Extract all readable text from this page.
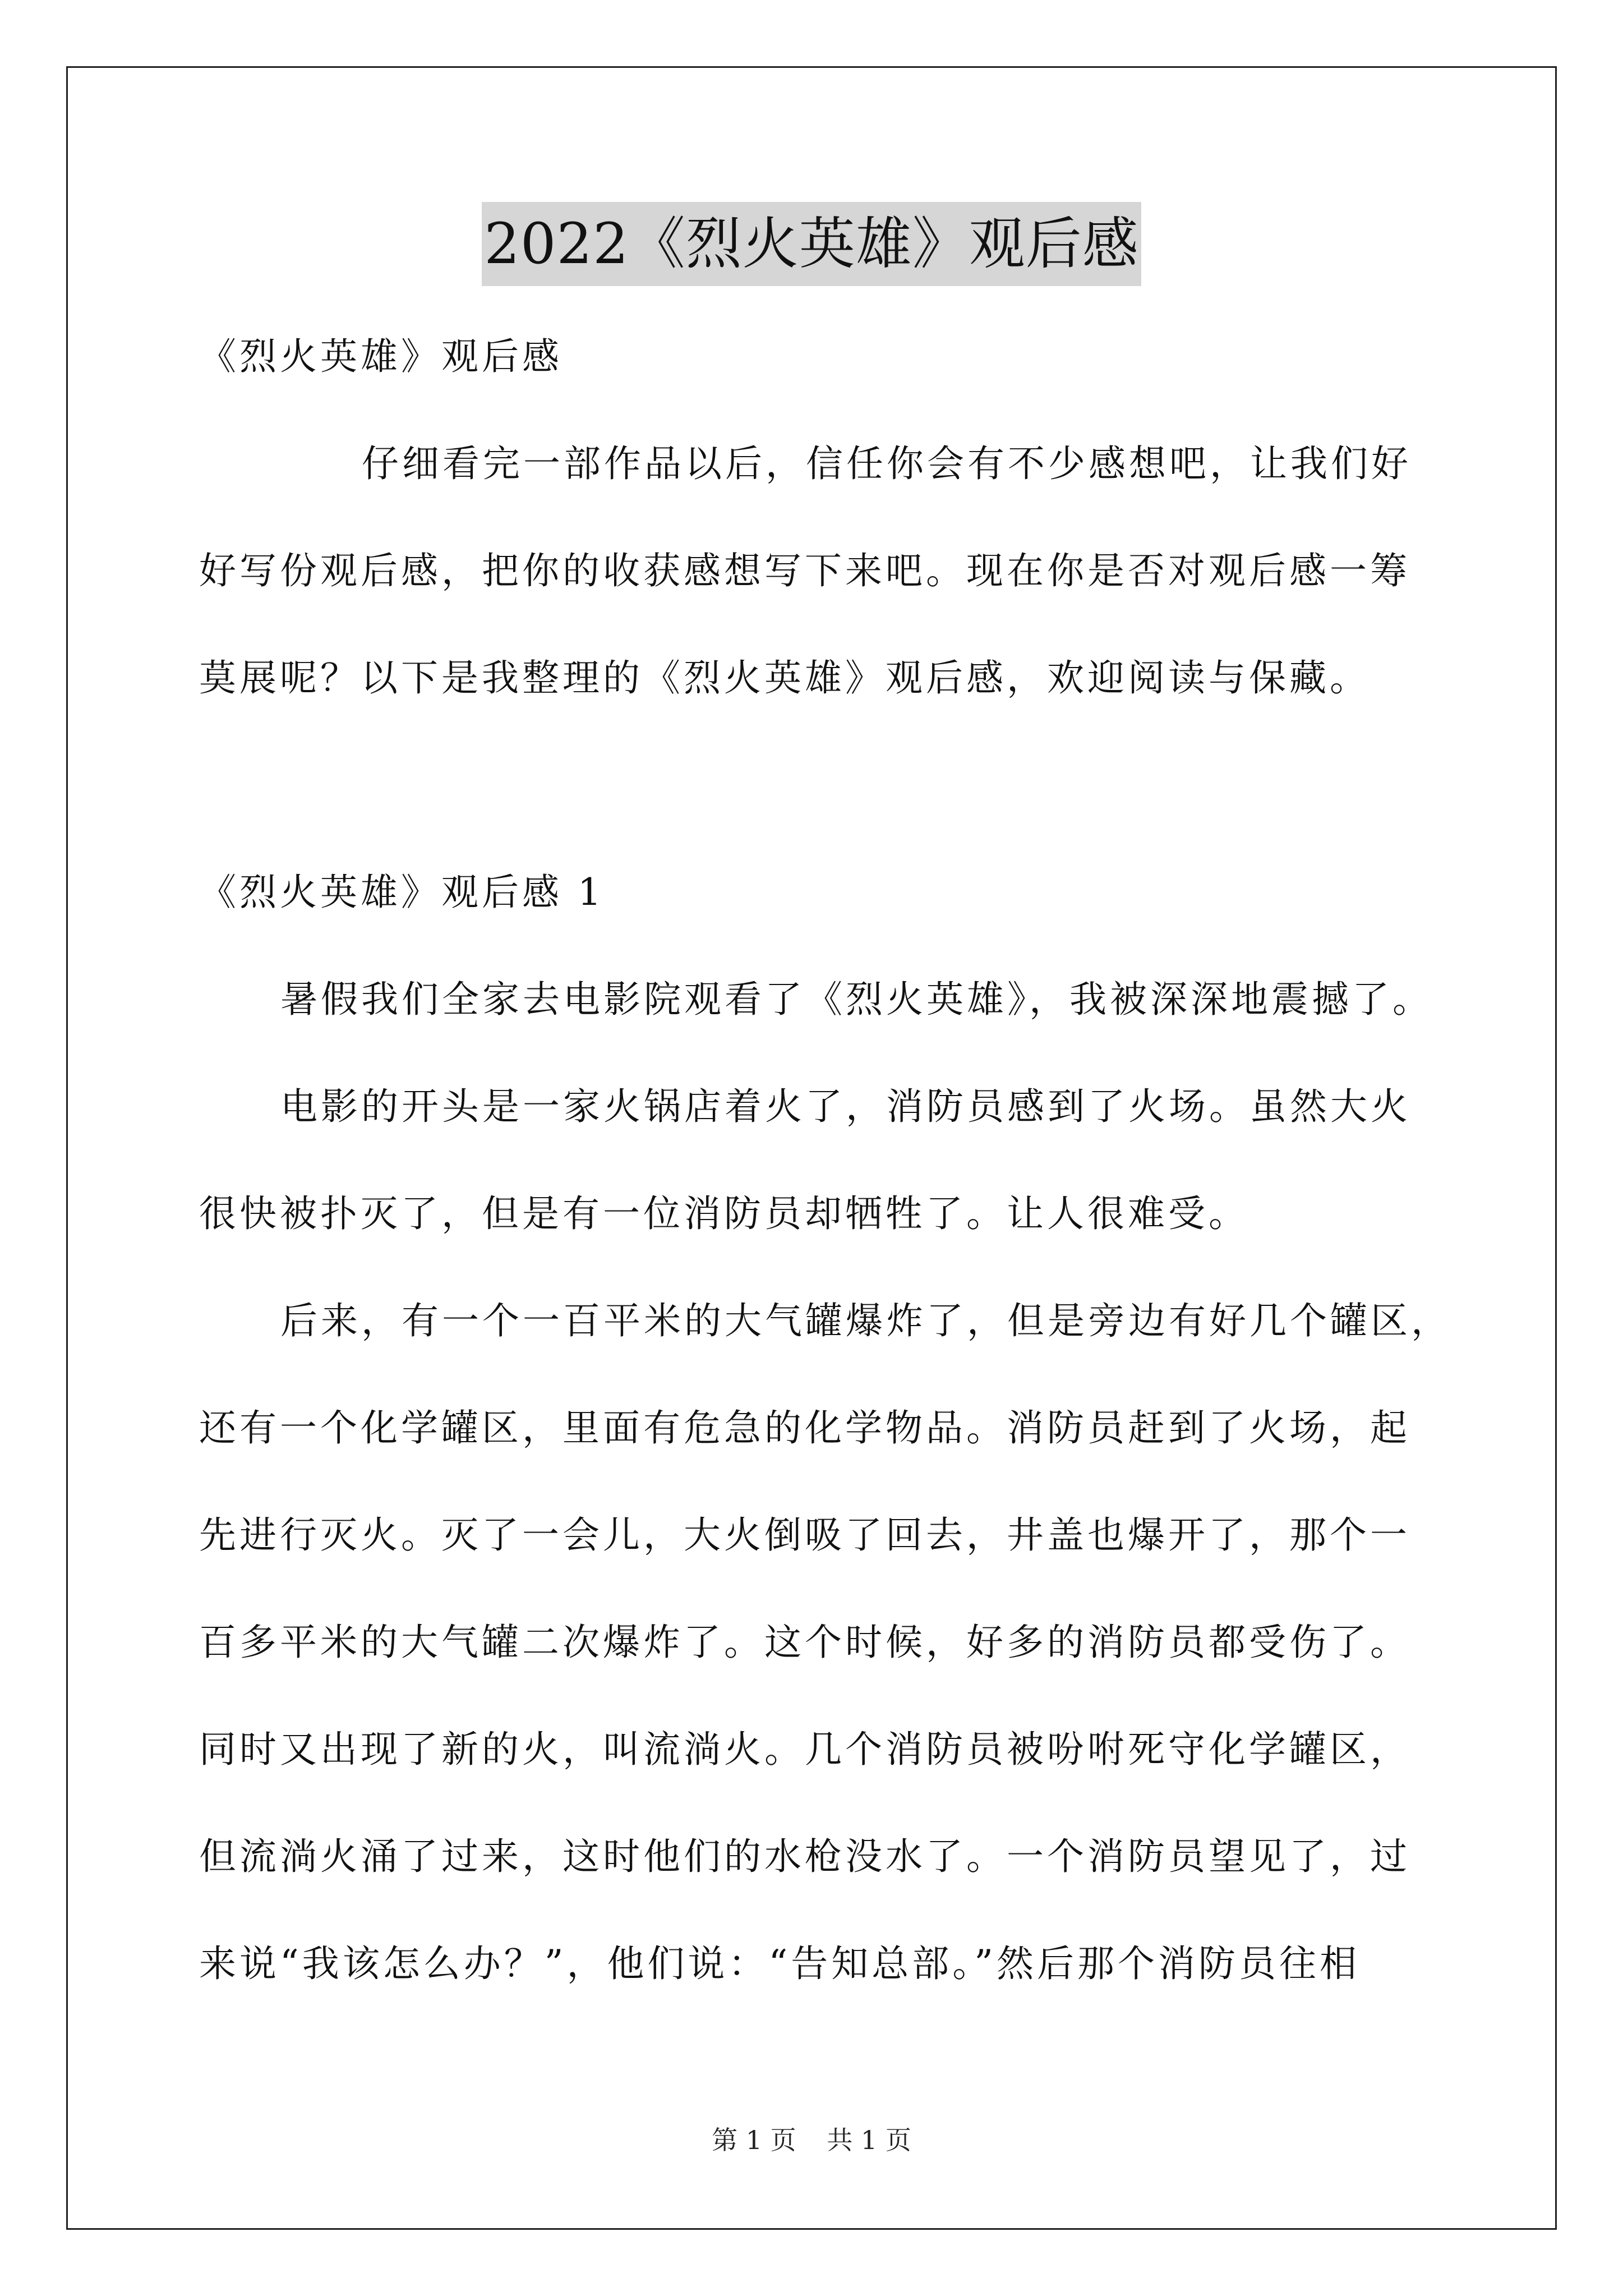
2022《烈火英雄》观后感

《烈火英雄》观后感

仔细看完一部作品以后，信任你会有不少感想吧，让我们好
好写份观后感，把你的收获感想写下来吧。现在你是否对观后感一筹
莫展呢？以下是我整理的《烈火英雄》观后感，欢迎阅读与保藏。

《烈火英雄》观后感 1

暑假我们全家去电影院观看了《烈火英雄》，我被深深地震撼了。

电影的开头是一家火锅店着火了，消防员感到了火场。虽然大火
很快被扑灭了，但是有一位消防员却牺牲了。让人很难受。

后来，有一个一百平米的大气罐爆炸了，但是旁边有好几个罐区，
还有一个化学罐区，里面有危急的化学物品。消防员赶到了火场，起
先进行灭火。灭了一会儿，大火倒吸了回去，井盖也爆开了，那个一
百多平米的大气罐二次爆炸了。这个时候，好多的消防员都受伤了。
同时又出现了新的火，叫流淌火。几个消防员被吩咐死守化学罐区，
但流淌火涌了过来，这时他们的水枪没水了。一个消防员望见了，过
来说“我该怎么办？”，他们说：“告知总部。”然后那个消防员往相

第 1 页 共 1 页
